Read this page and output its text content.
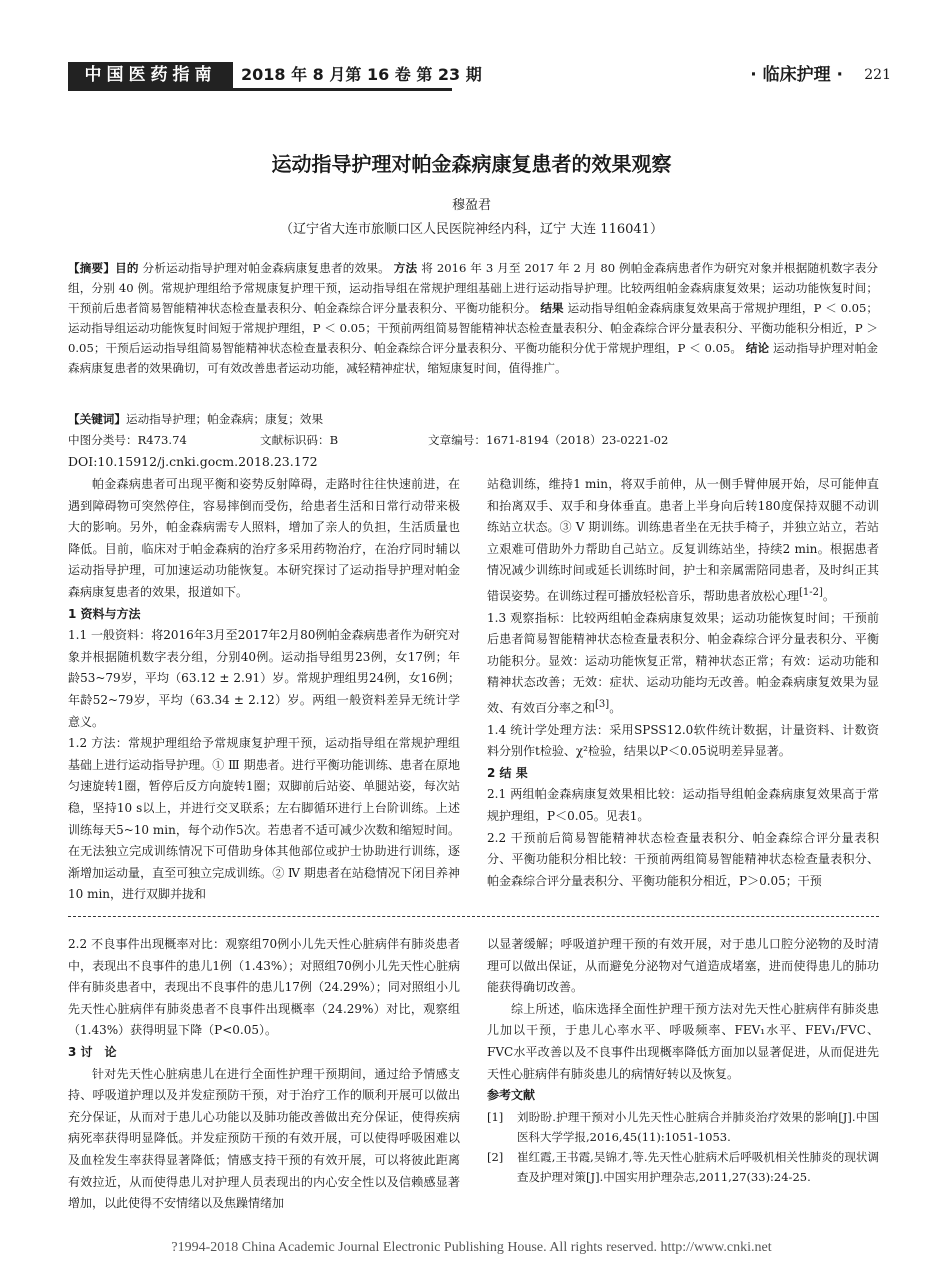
中国医药指南	2018 年 8 月第 16 卷 第 23 期	· 临床护理 · 221
运动指导护理对帕金森病康复患者的效果观察
穆盈君
（辽宁省大连市旅顺口区人民医院神经内科，辽宁 大连 116041）
【摘要】目的 分析运动指导护理对帕金森病康复患者的效果。 方法 将 2016 年 3 月至 2017 年 2 月 80 例帕金森病患者作为研究对象并根据随机数字表分组，分别 40 例。常规护理组给予常规康复护理干预，运动指导组在常规护理组基础上进行运动指导护理。比较两组帕金森病康复效果；运动功能恢复时间；干预前后患者简易智能精神状态检查量表积分、帕金森综合评分量表积分、平衡功能积分。 结果 运动指导组帕金森病康复效果高于常规护理组，P ＜ 0.05；运动指导组运动功能恢复时间短于常规护理组，P ＜ 0.05；干预前两组简易智能精神状态检查量表积分、帕金森综合评分量表积分、平衡功能积分相近，P ＞ 0.05；干预后运动指导组简易智能精神状态检查量表积分、帕金森综合评分量表积分、平衡功能积分优于常规护理组，P ＜ 0.05。 结论 运动指导护理对帕金森病康复患者的效果确切，可有效改善患者运动功能，减轻精神症状，缩短康复时间，值得推广。
【关键词】运动指导护理；帕金森病；康复；效果
中图分类号：R473.74	文献标识码：B	文章编号：1671-8194（2018）23-0221-02
DOI:10.15912/j.cnki.gocm.2018.23.172

帕金森病患者可出现平衡和姿势反射障碍，走路时往往快速前进，在遇到障碍物可突然停住，容易摔倒而受伤，给患者生活和日常行动带来极大的影响。另外，帕金森病需专人照料，增加了亲人的负担，生活质量也降低。目前，临床对于帕金森病的治疗多采用药物治疗，在治疗同时辅以运动指导护理，可加速运动功能恢复。本研究探讨了运动指导护理对帕金森病康复患者的效果，报道如下。

1 资料与方法

1.1 一般资料：将2016年3月至2017年2月80例帕金森病患者作为研究对象并根据随机数字表分组，分别40例。运动指导组男23例，女17例；年龄53~79岁，平均（63.12 ± 2.91）岁。常规护理组男24例，女16例；年龄52~79岁，平均（63.34 ± 2.12）岁。两组一般资料差异无统计学意义。

1.2 方法：常规护理组给予常规康复护理干预，运动指导组在常规护理组基础上进行运动指导护理。① Ⅲ 期患者。进行平衡功能训练、患者在原地匀速旋转1圈，暂停后反方向旋转1圈；双脚前后站姿、单腿站姿，每次站稳，坚持10 s以上，并进行交叉联系；左右脚循环进行上台阶训练。上述训练每天5~10 min，每个动作5次。若患者不适可减少次数和缩短时间。在无法独立完成训练情况下可借助身体其他部位或护士协助进行训练，逐渐增加运动量，直至可独立完成训练。② Ⅳ 期患者在站稳情况下闭目养神10 min，进行双脚并拢和

站稳训练，维持1 min，将双手前伸，从一侧手臂伸展开始，尽可能伸直和抬离双手、双手和身体垂直。患者上半身向后转180度保持双腿不动训练站立状态。③ Ⅴ 期训练。训练患者坐在无扶手椅子，并独立站立，若站立艰难可借助外力帮助自己站立。反复训练站坐，持续2 min。根据患者情况减少训练时间或延长训练时间，护士和亲属需陪同患者，及时纠正其错误姿势。在训练过程可播放轻松音乐，帮助患者放松心理[1-2]。

1.3 观察指标：比较两组帕金森病康复效果；运动功能恢复时间；干预前后患者简易智能精神状态检查量表积分、帕金森综合评分量表积分、平衡功能积分。显效：运动功能恢复正常，精神状态正常；有效：运动功能和精神状态改善；无效：症状、运动功能均无改善。帕金森病康复效果为显效、有效百分率之和[3]。

1.4 统计学处理方法：采用SPSS12.0软件统计数据，计量资料、计数资料分别作t检验、χ²检验，结果以P＜0.05说明差异显著。

2 结 果

2.1 两组帕金森病康复效果相比较：运动指导组帕金森病康复效果高于常规护理组，P＜0.05。见表1。

2.2 干预前后简易智能精神状态检查量表积分、帕金森综合评分量表积分、平衡功能积分相比较：干预前两组简易智能精神状态检查量表积分、帕金森综合评分量表积分、平衡功能积分相近，P＞0.05；干预

2.2 不良事件出现概率对比：观察组70例小儿先天性心脏病伴有肺炎患者中，表现出不良事件的患儿1例（1.43%）；对照组70例小儿先天性心脏病伴有肺炎患者中，表现出不良事件的患儿17例（24.29%）；同对照组小儿先天性心脏病伴有肺炎患者不良事件出现概率（24.29%）对比，观察组（1.43%）获得明显下降（P<0.05）。

3 讨　论

针对先天性心脏病患儿在进行全面性护理干预期间，通过给予情感支持、呼吸道护理以及并发症预防干预，对于治疗工作的顺利开展可以做出充分保证，从而对于患儿心功能以及肺功能改善做出充分保证，使得疾病病死率获得明显降低。并发症预防干预的有效开展，可以使得呼吸困难以及血栓发生率获得显著降低；情感支持干预的有效开展，可以将彼此距离有效拉近，从而使得患儿对护理人员表现出的内心安全性以及信赖感显著增加，以此使得不安情绪以及焦躁情绪加

以显著缓解；呼吸道护理干预的有效开展，对于患儿口腔分泌物的及时清理可以做出保证，从而避免分泌物对气道造成堵塞，进而使得患儿的肺功能获得确切改善。

综上所述，临床选择全面性护理干预方法对先天性心脏病伴有肺炎患儿加以干预，于患儿心率水平、呼吸频率、FEV₁水平、FEV₁/FVC、FVC水平改善以及不良事件出现概率降低方面加以显著促进，从而促进先天性心脏病伴有肺炎患儿的病情好转以及恢复。

参考文献

[1]	刘盼盼.护理干预对小儿先天性心脏病合并肺炎治疗效果的影响[J].中国医科大学学报,2016,45(11):1051-1053.
[2]	崔红霞,王书霞,吴锦才,等.先天性心脏病术后呼吸机相关性肺炎的现状调查及护理对策[J].中国实用护理杂志,2011,27(33):24-25.
?1994-2018 China Academic Journal Electronic Publishing House. All rights reserved. http://www.cnki.net
